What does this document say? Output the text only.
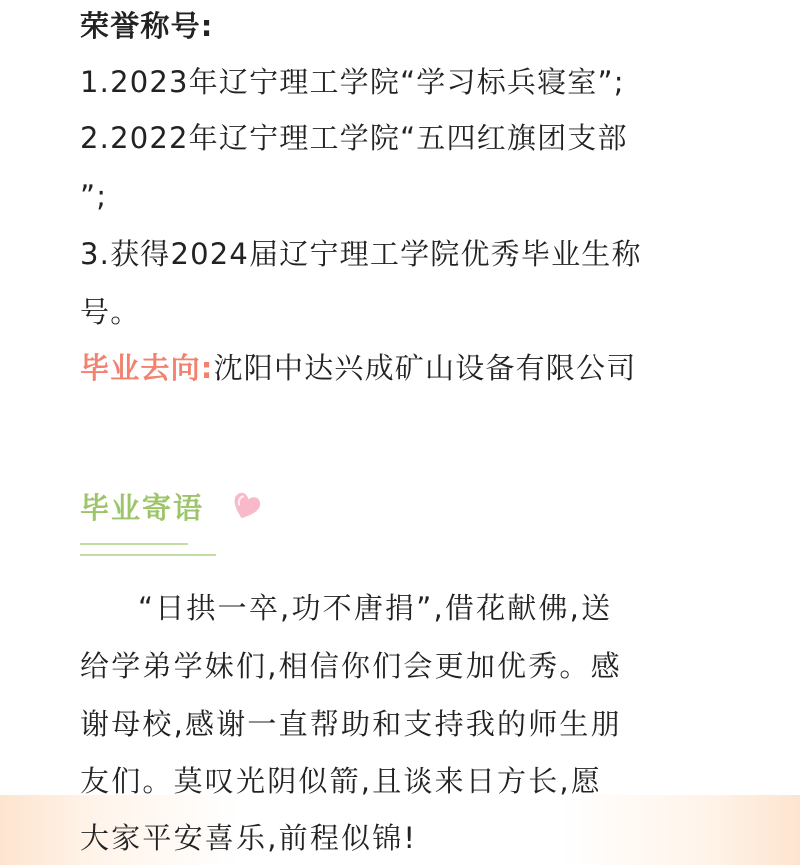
荣誉称号:
1.2023年辽宁理工学院“学习标兵寝室”;
2.2022年辽宁理工学院“五四红旗团支部
”;
3.获得2024届辽宁理工学院优秀毕业生称
号。
毕业去向:沈阳中达兴成矿山设备有限公司
毕业寄语
“日拱一卒,功不唐捐”,借花献佛,送
给学弟学妹们,相信你们会更加优秀。感
谢母校,感谢一直帮助和支持我的师生朋
友们。莫叹光阴似箭,且谈来日方长,愿
大家平安喜乐,前程似锦!
